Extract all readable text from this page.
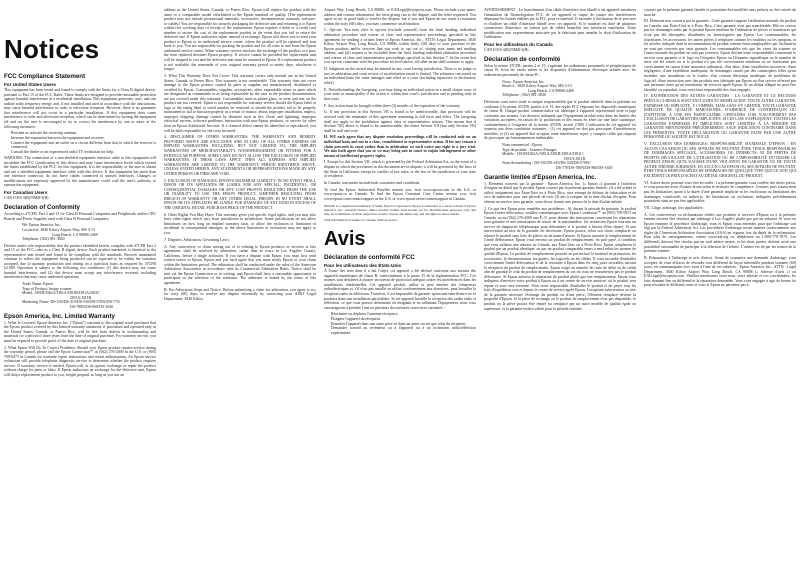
Notices
FCC Compliance Statement
For United States Users

This equipment has been tested and found to comply with the limits for a Class B digital device, pursuant to Part 15 of the FCC Rules. These limits are designed to provide reasonable protection against harmful interference in a residential installation. This equipment generates, uses, and can radiate radio frequency energy and, if not installed and used in accordance with the instructions, may cause harmful interference to radio or television reception. However, there is no guarantee that interference will not occur in a particular installation. If this equipment does cause interference to radio and television reception, which can be determined by turning the equipment off and on, the user is encouraged to try to correct the interference by one or more of the following measures:

• Reorient or relocate the receiving antenna.
• Increase the separation between the equipment and receiver.
• Connect the equipment into an outlet on a circuit different from that to which the receiver is connected.
• Consult the dealer or an experienced radio/TV technician for help.

WARNING: The connection of a non-shielded equipment interface cable to this equipment will invalidate the FCC Certification of this device and may cause interference levels which exceed the limits established by the FCC for this equipment. It is the responsibility of the user to obtain and use a shielded equipment interface cable with this device. If this equipment has more than one interface connector, do not leave cables connected to unused interfaces. Changes or modifications not expressly approved by the manufacturer could void the user's authority to operate the equipment.

For Canadian Users

CAN ICES-3(B)/NMB-3(B)

Declaration of Conformity

According to 47CFR, Part 2 and 15 for Class B Personal Computers and Peripherals; and/or CPU Boards and Power Supplies used with Class B Personal Computers:

We: Epson America, Inc.
Located at: 3840 Kilroy Airport Way, MS 3-13
Long Beach, CA 90806-2469
Telephone: (562) 981-3840

Declare under sole responsibility that the product identified herein, complies with 47CFR Part 2 and 15 of the FCC rules as a Class B digital device. Each product marketed, is identical to the representative unit tested and found to be compliant with the standards. Records maintained continue to reflect the equipment being produced can be expected to be within the variation accepted, due to quantity production and testing on a statistical basis as required by 47CFR §2.909. Operation is subject to the following two conditions: (1) this device may not cause harmful interference, and (2) this device must accept any interference received, including interference that may cause undesired operation.

Trade Name: Epson
Type of Product: Image scanner
Model: J391B/J362A/J381A/J381B/J381A/J381C
J391A/J411B
Marketing Name: DS-530/DS-410/DS-530/DS-570W/DS-770/
DS-780N/DS-860/DS-1630
Epson America, Inc. Limited Warranty

1. What Is Covered: Epson America, Inc. ("Epson") warrants to the original retail purchaser that the Epson product covered by this limited warranty statement, if purchased and operated only in the United States, Canada, or Puerto Rico, will be free from defects in workmanship and materials for a period of three years from the date of original purchase. For warranty service, you must be required to provide proof of the date of original purchase.

2. What Epson Will Do To Correct Problems: Should your Epson product require service during the warranty period, please call the Epson Connection℠ at (562) 276-4300 in the U.S. or (905) 709-9475 in Canada for warranty repair instructions and return authorization. An Epson service technician will provide telephone diagnostic service to determine whether the product requires service. If warranty service is needed, Epson will, at its option, exchange or repair the product without charge for parts or labor. If Epson authorizes an exchange for the defective unit, Epson will ship a replacement product to you, freight prepaid, so long as you use an

address in the United States, Canada, or Puerto Rico. Epson will replace the product with the same or a comparable model refurbished to the Epson standard of quality. (The replacement product may not include promotional materials, accessories, documentation, manuals, software, or cables.) You are responsible for securely packaging the defective unit and returning it to Epson within five working days of receipt of the replacement. Epson requires a debit or a credit card number to secure the cost of the replacement product in the event that you fail to return the defective one. If Epson authorizes repair instead of exchange, Epson will direct you to send your product to Epson or its authorized service center, where the product will be repaired and sent back to you. You are responsible for packing the product and for all costs to and from the Epson authorized service center. When warranty service involves the exchange of the product or a part, the item replaced becomes Epson property. If service cannot be provided the replacement unit will be shipped to you and the defective unit must be returned to Epson. If a replacement product is not available, the remainder of your original warranty period or ninety days, whichever is longer.

3. What This Warranty Does Not Cover: This warranty covers only normal use in the United States, Canada, or Puerto Rico. This warranty is not transferable. This warranty does not cover damage to the Epson product caused by parts or supplies not manufactured, distributed or certified by Epson. Consumables, supplies, accessories, other expendable items or parts which are designated as consumable or as being replaceable by the user in the product documentation, are not covered under this warranty. Consumables such as platen glass, or wear and tear on the product are not covered. Epson is not responsible for warranty service should the Epson label or logo or the rating label or serial number be removed or should the product fail to be properly maintained or fail to function properly as a result of misuse, abuse, improper installation, neglect, improper shipping, damage caused by disasters such as fire, flood, and lightning, improper electrical current, software problems, interaction with non-Epson products, or service by other than an Epson Authorized Servicer. If a claimed defect cannot be identified or reproduced, you will be held responsible for the costs incurred.

4. DISCLAIMER OF OTHER WARRANTIES: THE WARRANTY AND REMEDY PROVIDED ABOVE ARE EXCLUSIVE AND IN LIEU OF ALL OTHER EXPRESS OR IMPLIED WARRANTIES INCLUDING, BUT NOT LIMITED TO, THE IMPLIED WARRANTIES OF MERCHANTABILITY, NONINFRINGEMENT OR FITNESS FOR A PARTICULAR PURPOSE. SOME LAWS DO NOT ALLOW THE EXCLUSION OF IMPLIED WARRANTIES. IF THESE LAWS APPLY, THEN ALL EXPRESS AND IMPLIED WARRANTIES ARE LIMITED TO THE WARRANTY PERIOD IDENTIFIED ABOVE. UNLESS STATED HEREIN, ANY STATEMENTS OR REPRESENTATIONS MADE BY ANY OTHER PERSON OR FIRM ARE VOID.

5. EXCLUSION OF DAMAGES; EPSON'S MAXIMUM LIABILITY: IN NO EVENT SHALL EPSON OR ITS AFFILIATES BE LIABLE FOR ANY SPECIAL, INCIDENTAL, OR CONSEQUENTIAL DAMAGES OR ANY LOST PROFITS RESULTING FROM THE USE OR INABILITY TO USE THE EPSON PRODUCT, WHETHER RESULTING FROM BREACH OF WARRANTY OR ANY OTHER LEGAL THEORY. IN NO EVENT SHALL EPSON OR ITS AFFILIATES BE LIABLE FOR DAMAGES OF ANY KIND IN EXCESS OF THE ORIGINAL RETAIL PURCHASE PRICE OF THE PRODUCT.

6. Other Rights You May Have: This warranty gives you specific legal rights, and you may also have other rights which vary from jurisdiction to jurisdiction. Some jurisdictions do not allow limitations on how long an implied warranty lasts, or allow the exclusion or limitation of incidental or consequential damages, so the above limitations or exclusions may not apply to you.

7. Disputes, Arbitration, Governing Laws:

A. Any controversy or claim arising out of or relating to Epson products or services or this agreement, shall be resolved by arbitration, rather than in court, in Los Angeles County, California, before a single arbitrator. If you have a dispute with Epson, you must first send written notice to Epson. Epson and you each agree that you must notify Epson of your claim within the limitations period. The arbitration shall be conducted under the rules of the American Arbitration Association in accordance with its Commercial Arbitration Rules. Notice shall be sent via the Epson Connection or in writing, and Epson shall have a reasonable opportunity to participate in the selection of the arbitrator. The arbitrator is bound by the terms of this agreement.

B. Pre-Arbitration Steps and Notice. Before submitting a claim for arbitration, you agree to try, for sixty (60) days, to resolve any dispute informally by contacting your AT&T Legal Department, 3840 Kilroy

Airport Way, Long Beach, CA 90806, or EAILegal@ea.epson.com. Please include your name, address and contact information, the facts giving rise to the dispute, and the relief requested. You agree to act in good faith to resolve the dispute, but if you and Epson do not reach a resolution within the sixty (60) days, you may commence an arbitration.

C. Opt-out. You may elect to opt-out (exclude yourself) from the final, binding, individual arbitration procedure and waiver of class and representative proceedings specified in this agreement by sending a written letter to Epson America, Inc., ATTN: Legal Department, 3840 Kilroy Airport Way, Long Beach, CA 90806, within thirty (30) days of your purchase of the Epson products and/or services that you wish to opt out of, stating your name and mailing address, and (iii) request to be excluded from the final, binding individual arbitration procedure and waiver of class and representative proceedings specified in this Section 7. In the event that you opt-out consistent with the procedure set forth above, all other terms shall continue to apply.

D. Judgment on the award may be entered in any court having jurisdiction. There is no judge or jury in arbitration and court review of an arbitration award is limited. The arbitrator can award on an individual basis the same damages and relief as a court (including injunctive or declaratory relief).

E. Notwithstanding the foregoing, you may bring an individual action in a small claims court of your state or municipality if the action is within that court's jurisdiction and is pending only in that court.

F. Any action must be brought within three (3) months of the expiration of the warranty.

G. If any provision in this Section VII is found to be unenforceable, that provision will be severed with the remainder of this agreement remaining in full force and effect. The foregoing shall not apply to the prohibition against class or representative actions. This means that if Section 7(E) above is found to be unenforceable, the entire Section VII (but only Section VII) shall be null and void.

H. WE each agree that any dispute resolution proceedings will be conducted only on an individual basis and not in a class, consolidated or representative action. If for any reason a claim proceeds in court rather than in arbitration we each waive any right to a jury trial. We also both agree that you or we may bring suit in court to enjoin infringement or other misuse of intellectual property rights.

I. Except for this Section VII, which is governed by the Federal Arbitration Act, in the event of a dispute in which the provisions in this document are in dispute, it will be governed by the laws of the State of California, except its conflict of law rules, or the law of the jurisdiction of your state of residence.

In Canada, warranties include both warranties and conditions.

To find the Epson Authorized Reseller nearest you, visit www.epson.com in the U.S. or www.epson.ca in Canada. To find the Epson Customer Care Center nearest you, visit www.epson.com/contactsupport in the U.S. or www.epson.ca/en/contactsupport in Canada.

EPSON is a registered trademark of Seiko Epson Corporation. Epson Connection is a service mark of Epson America, Inc. General Notice: Other product names used herein are for identification purposes only and may be trademarks of their respective owners. Epson disclaims any and all rights in those marks.

This information is subject to change without notice.

Avis
Déclaration de conformité FCC
Pour les utilisateurs des États-Unis

À l'issue des tests dont il a fait l'objet, cet appareil a été déclaré conforme aux normes des appareils numériques de classe B, conformément à la partie 15 de la réglementation FCC. Ces normes sont destinées à assurer un niveau de protection adéquat contre les interférences dans les installations résidentielles. Cet appareil produit, utilise et peut émettre des fréquences radioélectriques et, s'il n'est pas installé ou utilisé conformément aux directives, peut brouiller la réception radio ou télévision. Toutefois, il est impossible de garantir qu'aucune interférence ne se produira dans une installation particulière. Si cet appareil brouille la réception des ondes radio et télévision, ce que vous pouvez déterminer en éteignant et en rallumant l'équipement, nous vous encourageons à prendre l'une ou plusieurs des mesures correctives suivantes :

• Réorienter ou déplacer l'antenne réceptrice.
• Éloigner l'appareil du récepteur.
• Brancher l'appareil dans une autre prise ou dans un autre circuit que celui du récepteur.
• Demander conseil au revendeur ou à l'appareil ou à un technicien radio/télévision expérimenté.

AVERTISSEMENT : Le branchement d'un câble d'interface non blindé à cet appareil entraînera l'annulation de l'homologation FCC de cet appareil et risque de causer des interférences dépassant les limites établies par la FCC pour ce matériel. Il incombe à l'utilisateur de se procurer et d'utiliser un câble d'interface blindé avec cet appareil. Si le matériel est doté de plusieurs connecteurs d'interface, ne laissez pas de câbles branchés aux interfaces inutilisées. Toute modification non expressément autorisée par le fabricant peut annuler le droit d'utilisation de l'utilisateur.

Pour les utilisateurs du Canada

CAN ICES-3(B)/NMB-3(B)

Déclaration de conformité

Selon la norme 47CFR, parties 2 et 15, s'agissant les ordinateurs personnels et périphériques de classe B, et/ou les cartes mères et les dispositifs d'alimentation électrique utilisés avec les ordinateurs personnels de classe B :

Nous : Epson America, Inc.
Situés à : 3840 Kilroy Airport Way, MS 3-13
Long Beach, CA 90806-2469
Téléphone : (562) 981-3840

Déclarons sous notre seule et unique responsabilité que le produit identifié dans la présente est conforme à la norme 47CFR, parties 2 et 15, des règles FCC régissant les dispositifs numériques de classe B. Chaque produit commercialisé est identique à l'appareil représentatif testé et jugé conforme aux normes. Les dossiers indiquent que l'équipement produit reste dans les limites des variations acceptées, en raison de la production et des essais en série sur une base statistique, conformément à l'exigence de la norme 47CFR, article 2.909. L'utilisation de cet appareil est soumise aux deux conditions suivantes : (1) cet appareil ne doit pas provoquer d'interférences nuisibles, et (2) cet appareil doit accepter toute interférence reçue, y compris celles qui risquent de provoquer un fonctionnement indésirable.

Nom commercial : Epson
Type de produit : Scanner d'images
Modèle : J391B/J362A/J381A/J381B/J381A/J381C/
J391A/J411B
Nom de marketing : DS-530/DS-410/DS-530/DS-570W/
DS-770/DS-780N/DS-860/DS-1630
Garantie limitée d'Epson America, Inc.

1. Éléments couverts par la garantie : Epson America, Inc. (« Epson ») garantit à l'acheteur d'origine au détail que le produit Epson couvert par la présente garantie limitée, s'il a été acheté et utilisé uniquement aux États-Unis ou à Porto Rico, sera exempt de défauts de fabrication et de vice de matériaux pour une période de trois (3) ans à compter de la date d'achat d'origine. Pour obtenir un service sous garantie, vous devez fournir une preuve de la date d'achat initiale.

2. Ce que fera Epson pour remédier aux problèmes : Si, durant la période de garantie, le produit Epson s'avère défectueux, veuillez communiquer avec Epson Connexion℠ au (905) 709-9475 au Canada, ou au (562) 276-4300 aux É.-U. pour obtenir des instructions concernant les réparations sous garantie et une autorisation de retour de la marchandise. Un technicien Epson fournira un service de diagnostic téléphonique pour déterminer si le produit a besoin d'être réparé. Si une intervention au titre de la garantie est nécessaire, Epson pourra, selon son choix, remplacer ou réparer le produit sans frais de pièces ou de main-d'œuvre. Si Epson autorise le remplacement de l'unité défectueuse, Epson vous enverra un produit de remplacement, en port payé, à condition que vous utilisiez une adresse au Canada, aux États-Unis ou à Porto Rico. Epson remplacera le produit par un produit identique, ou par un produit comparable remis à neuf selon les normes de qualité d'Epson. Le produit de remplacement pourrait ne pas inclure le matériel de promotion, les accessoires, la documentation, les guides, les logiciels ou les câbles. Il vous incombe d'emballer correctement l'unité défectueuse et de la retourner à Epson dans les cinq jours ouvrables suivant la réception du produit de remplacement. Epson exige un numéro de carte de débit ou de crédit afin de garantir le coût du produit de remplacement au cas où vous ne retourneriez pas le produit défectueux. Si Epson autorise la réparation du produit plutôt que son remplacement, Epson vous indiquera d'envoyer votre produit à Epson ou à un centre de service autorisé, où le produit sera réparé et vous sera retourné. Vous serez responsable d'emballer le produit et de payer tous les frais d'expédition vers et depuis le centre de service agréé Epson. Lorsqu'une intervention au titre de la garantie nécessite l'échange du produit ou d'une pièce, l'élément remplacé devient la propriété d'Epson. Si la pièce de rechange ou le produit de remplacement n'est pas disponible, le produit ou la pièce pourra être réparé ou remplacé par un autre modèle de qualité égale ou supérieure, et la garantie restera valide pour la période restante.

couvert par la présente garantie limitée et pourraient être modifiés sans préavis ou être retirés du marché.

III. Éléments non couverts par la garantie : Cette garantie suppose l'utilisation normale du produit au Canada, aux États-Unis et à Porto Rico. Cette garantie n'est pas transférable. Elle ne couvre pas les dommages subis par le produit Epson résultant de l'utilisation de pièces et fournitures qui n'ont pas été fabriquées, distribuées ou homologuées par Epson. Les consommables, les fournitures, les accessoires, les autres pièces à remplacer comme les rouleaux ou les tampons, et les articles indiqués dans la documentation du produit comme étant remplaçables par l'utilisateur ne sont pas couverts par cette garantie. Les consommables tels que les vitres du scanner ou l'usure normale du produit ne sont pas couverts. Epson décline toute responsabilité concernant le service sous garantie si le logo ou l'étiquette Epson ou l'étiquette signalétique ou le numéro de série ont été retirés ou si le produit n'a pas été correctement entretenu ou ne fonctionne pas correctement en raison d'une mauvaise utilisation, d'un abus, d'une installation incorrecte, d'une négligence, d'une expédition inadéquate, de dommages causés par des catastrophes telles qu'un incendie, une inondation ou la foudre, d'un courant électrique inadéquat, de problèmes de logiciel, d'une interaction avec des produits non fabriqués par Epson ou d'un service effectué par une personne autre qu'un fournisseur de services agréé Epson. Si un défaut allégué ne peut être identifié ou reproduit, vous serez tenu responsable des frais engagés.

IV. EXONÉRATION DES AUTRES GARANTIES : LA GARANTIE ET LE RECOURS PRÉVUS CI-DESSUS SONT EXCLUSIFS ET REMPLACENT TOUTE AUTRE GARANTIE, EXPRESSE OU IMPLICITE, Y COMPRIS, MAIS SANS S'Y LIMITER, TOUTE GARANTIE IMPLICITE DE QUALITÉ MARCHANDE, D'ABSENCE DE CONTREFAÇON OU D'APTITUDE À UNE FIN PARTICULIÈRE. CERTAINES LOIS N'AUTORISENT PAS L'EXCLUSION DE GARANTIES IMPLICITES. SI CES LOIS S'APPLIQUENT, TOUTES LES GARANTIES EXPRESSES ET IMPLICITES SONT LIMITÉES À LA PÉRIODE DE GARANTIE MENTIONNÉE PRÉCÉDEMMENT. SAUF INDICATION CONTRAIRE DANS LES PRÉSENTES, TOUTE DÉCLARATION OU GARANTIE FAITE PAR UNE AUTRE PERSONNE OU SOCIÉTÉ EST NULLE.

V. EXCLUSION DES DOMMAGES; RESPONSABILITÉ MAXIMALE D'EPSON : EN AUCUN CAS EPSON OU SES AFFILIÉS NE PEUVENT ÊTRE TENUS RESPONSABLES DE DOMMAGES SPÉCIAUX, ACCESSOIRES OU INDIRECTS, NI DE PERTES DE PROFITS DÉCOULANT DE L'UTILISATION OU DE L'IMPOSSIBILITÉ D'UTILISER LE PRODUIT EPSON, QU'IL S'AGISSE D'UNE VIOLATION DE GARANTIE OU DE TOUTE AUTRE THÉORIE JURIDIQUE. EN AUCUN CAS EPSON OU SES AFFILIÉS NE PEUVENT ÊTRE TENUS RESPONSABLES DE DOMMAGES DE QUELQUE TYPE QUE CE SOIT QUI EXCÈDENT LE PRIX D'ACHAT AU DÉTAIL ORIGINAL DU PRODUIT.

VI. Autres droits pouvant vous être accordés : La présente garantie vous confère des droits précis, et vous pourriez avoir d'autres droits selon le territoire de compétence. Certains pays n'autorisent pas les limitations quant à la durée d'une garantie implicite ni les exclusions ou limitations des dommages consécutifs ou indirects; les limitations ou exclusions indiquées précédemment pourraient ainsi ne pas être applicables.

VII. Litige, arbitrage, lois applicables :

A. Les controverses ou réclamations reliées aux produits et services d'Epson ou à la présente entente doivent être résolues par arbitrage à Los Angeles plutôt que par un tribunal. Si vous ou Epson entamez la procédure d'arbitrage, vous et Epson vous entendez pour que l'arbitrage soit régi par la Federal Arbitration Act. Les procédures d'arbitrage seront menées conformément aux règles de l'American Arbitration Association (AAA) en vigueur lors du dépôt de la réclamation. Pour plus de renseignements, visitez www.adr.org ou téléphonez au 1-800-778-7879. Les différends doivent être résolus par un seul arbitre neutre, et les deux parties doivent avoir une possibilité raisonnable de participer à la sélection de l'arbitre. L'arbitre est lié par les termes de la présente entente.

B. Préparation à l'arbitrage et avis d'envoi. Avant de soumettre une demande d'arbitrage, vous acceptez de vous efforcer de résoudre tout différend de façon informelle pendant soixante (60) jours, en communiquant avec nous à l'une de ces adresses : Epson America, Inc., ATTN : Legal Department, 3840 Kilroy Airport Way, Long Beach, CA 90806 (« Adresse d'avis ») ou EAILegal@ea.epson.com. Veuillez mentionner votre nom, votre adresse et vos coordonnées, les faits donnant lieu au différend et la réparation demandée. Vous vous engagez à agir de bonne foi pour résoudre le différend, mais si vous et Epson ne parvenez pas à
